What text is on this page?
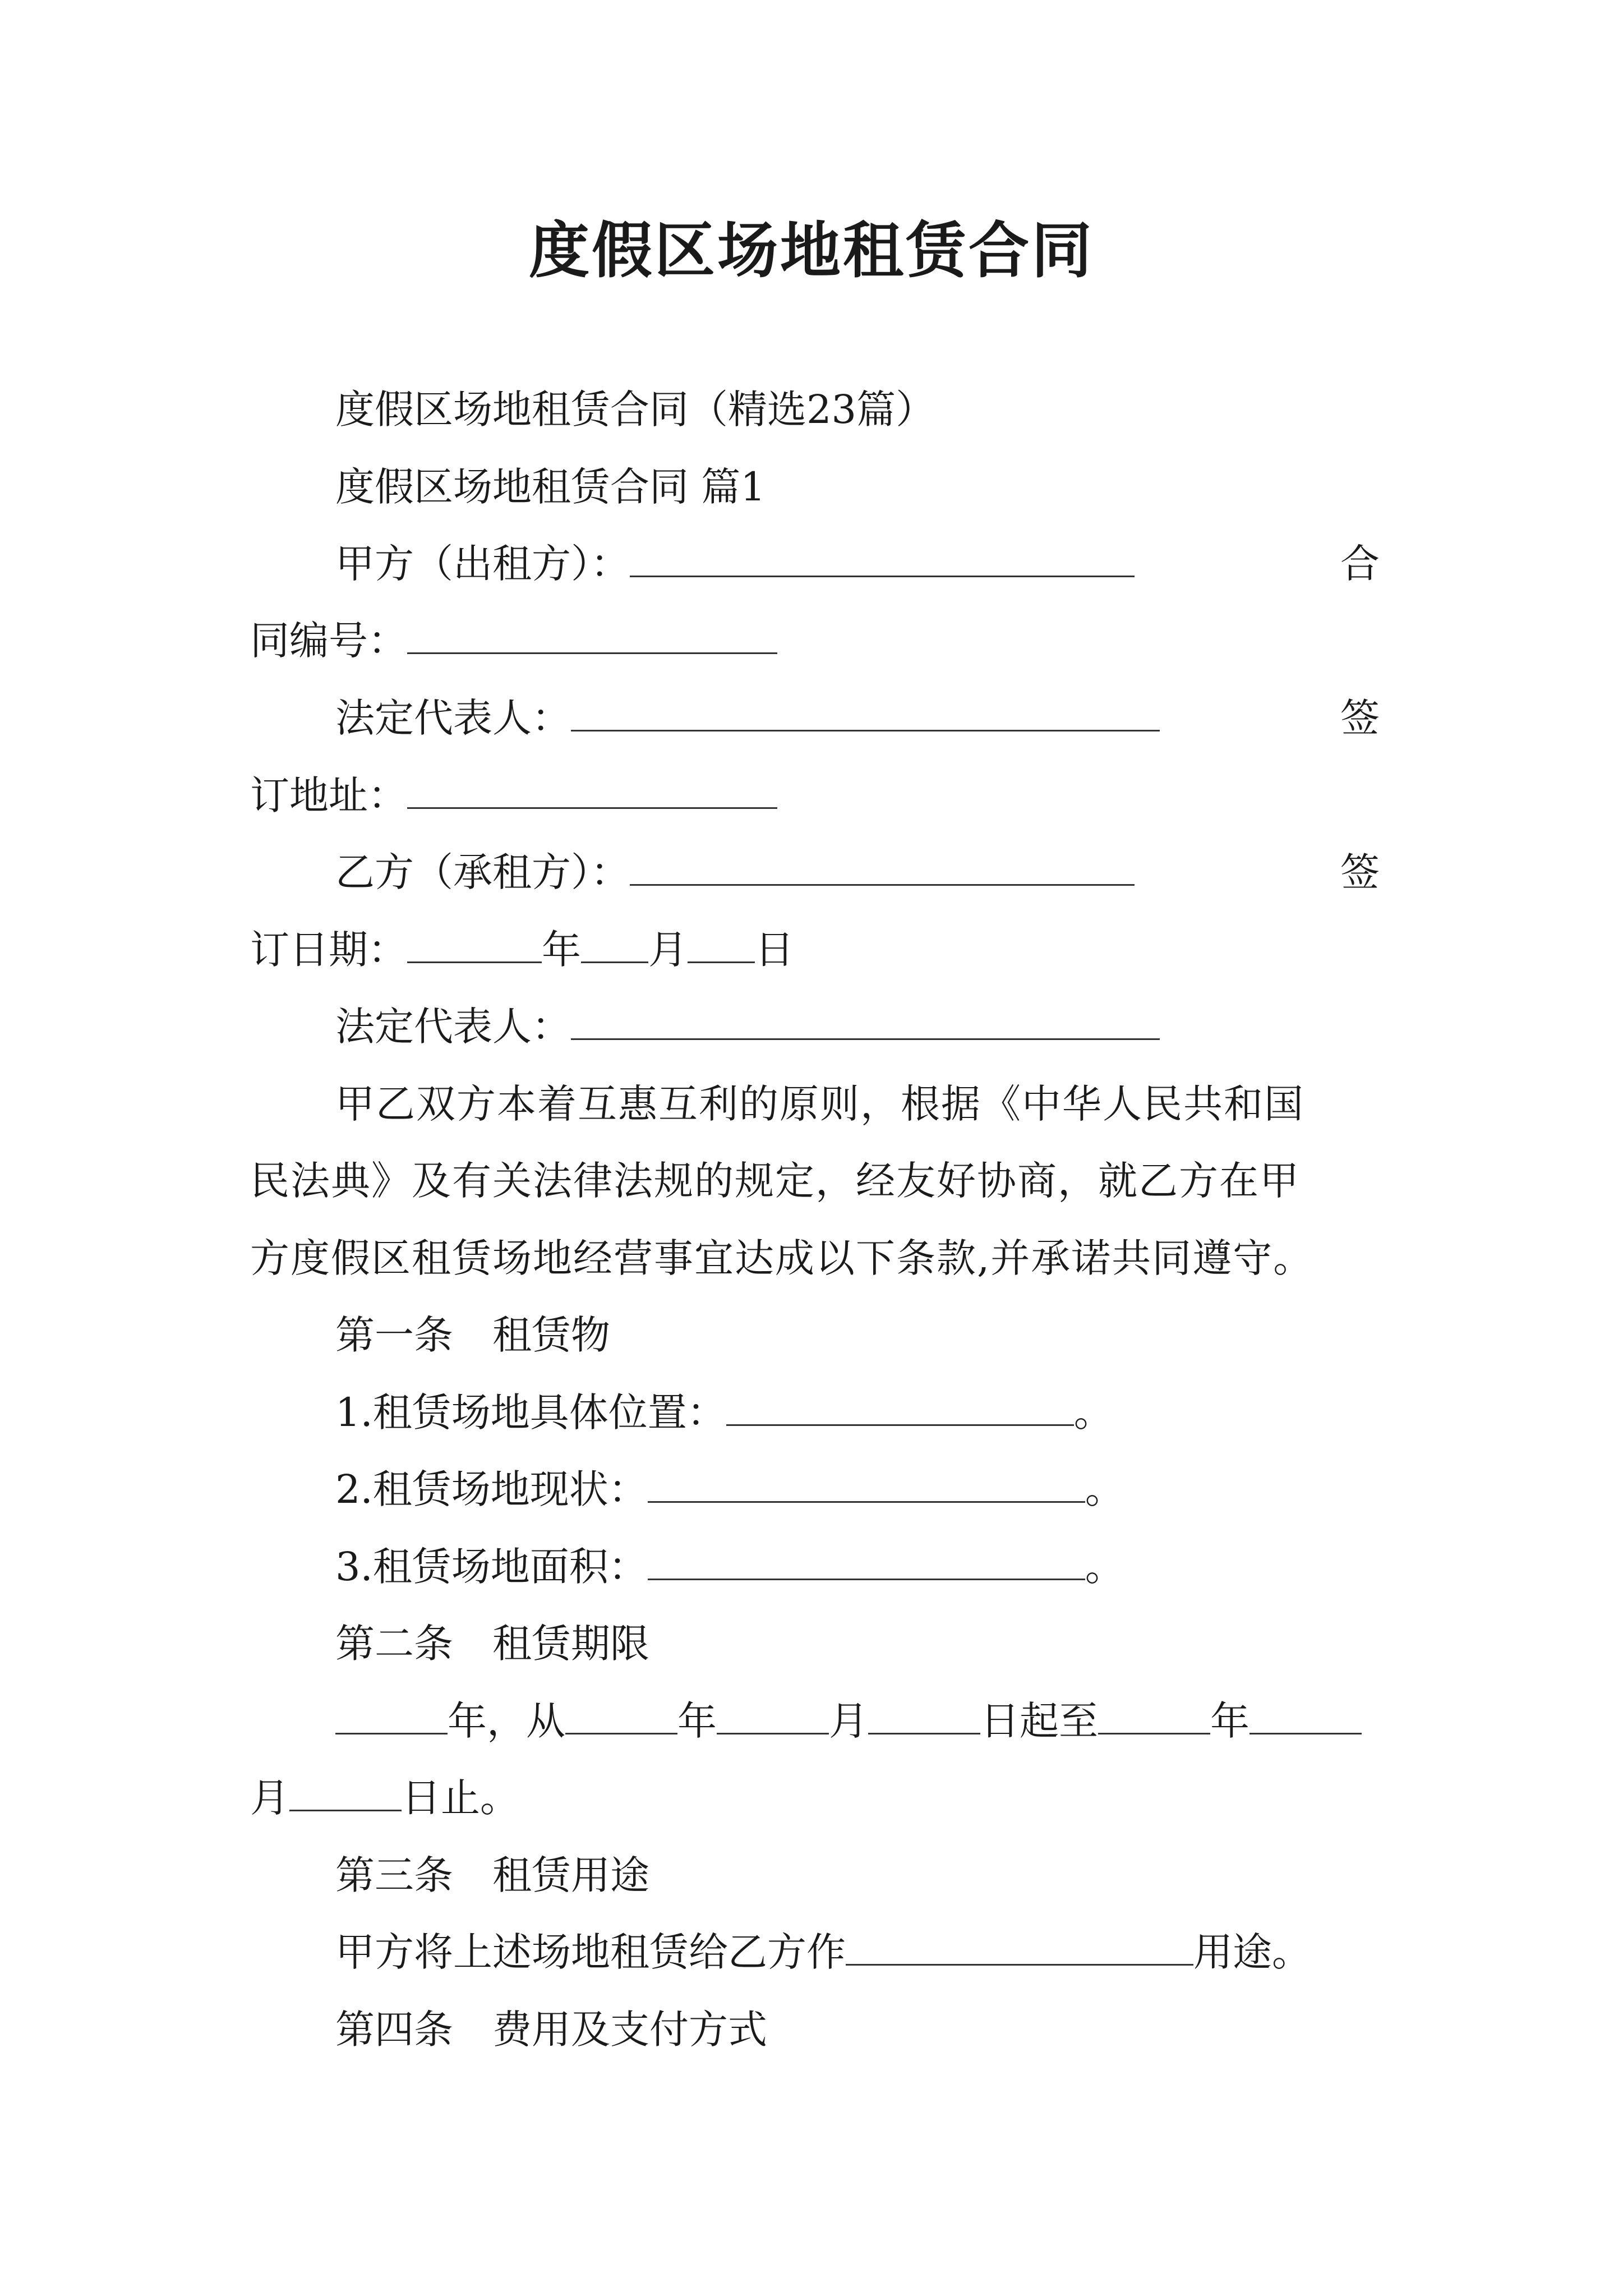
度假区场地租赁合同
度假区场地租赁合同（精选23篇）
度假区场地租赁合同 篇1
甲方（出租方）：	合
同编号：
法定代表人：	签
订地址：
乙方（承租方）：	签
订日期：	年 月 日
法定代表人：
甲乙双方本着互惠互利的原则，根据《中华人民共和国
民法典》及有关法律法规的规定，经友好协商，就乙方在甲
方度假区租赁场地经营事宜达成以下条款,并承诺共同遵守。
第一条　租赁物
1.租赁场地具体位置：	。
2.租赁场地现状：	。
3.租赁场地面积：	。
第二条　租赁期限
年，从	年	月	日起至	年
月	日止。
第三条　租赁用途
甲方将上述场地租赁给乙方作	用途。
第四条　费用及支付方式
